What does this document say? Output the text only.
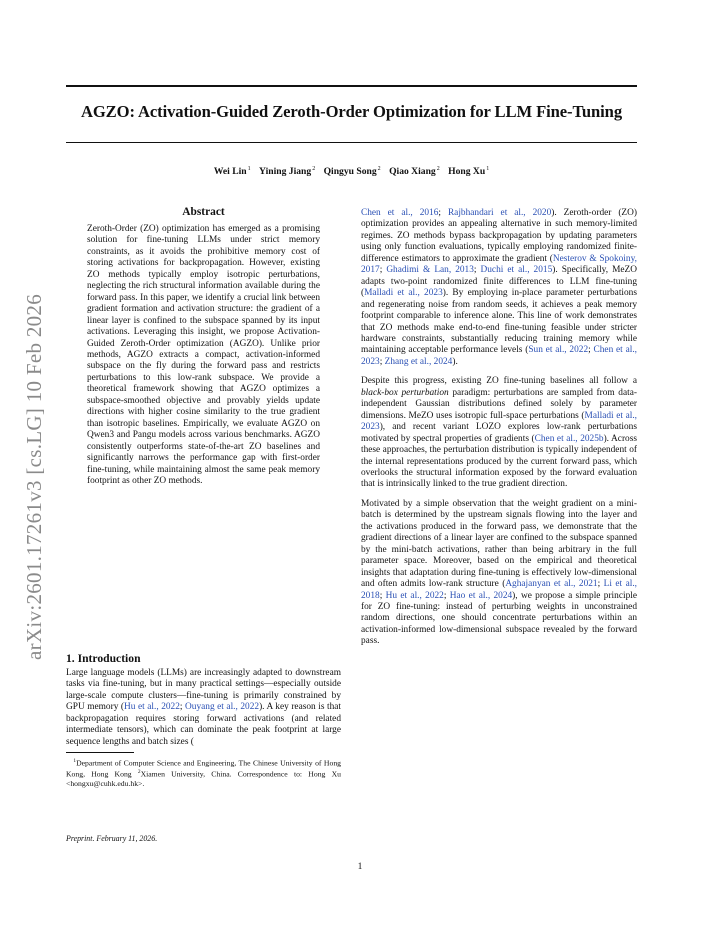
AGZO: Activation-Guided Zeroth-Order Optimization for LLM Fine-Tuning
Wei Lin$^1$ Yining Jiang$^2$ Qingyu Song$^2$ Qiao Xiang$^2$ Hong Xu$^1$
arXiv:2601.17261v3 [cs.LG] 10 Feb 2026
Abstract

Zeroth-Order (ZO) optimization has emerged as a promising solution for fine-tuning LLMs under strict memory constraints, as it avoids the prohibitive memory cost of storing activations for backpropagation. However, existing ZO methods typically employ isotropic perturbations, neglecting the rich structural information available during the forward pass. In this paper, we identify a crucial link between gradient formation and activation structure: the gradient of a linear layer is confined to the subspace spanned by its input activations. Leveraging this insight, we propose Activation-Guided Zeroth-Order optimization (AGZO). Unlike prior methods, AGZO extracts a compact, activation-informed subspace on the fly during the forward pass and restricts perturbations to this low-rank subspace. We provide a theoretical framework showing that AGZO optimizes a subspace-smoothed objective and provably yields update directions with higher cosine similarity to the true gradient than isotropic baselines. Empirically, we evaluate AGZO on Qwen3 and Pangu models across various benchmarks. AGZO consistently outperforms state-of-the-art ZO baselines and significantly narrows the performance gap with first-order fine-tuning, while maintaining almost the same peak memory footprint as other ZO methods.

1. Introduction

Large language models (LLMs) are increasingly adapted to downstream tasks via fine-tuning, but in many practical settings—especially outside large-scale compute clusters—fine-tuning is primarily constrained by GPU memory (Hu et al., 2022; Ouyang et al., 2022). A key reason is that backpropagation requires storing forward activations (and related intermediate tensors), which can dominate the peak footprint at large sequence lengths and batch sizes (

$^1$Department of Computer Science and Engineering, The Chinese University of Hong Kong, Hong Kong $^2$Xiamen University, China. Correspondence to: Hong Xu <hongxu@cuhk.edu.hk>.
Preprint. February 11, 2026.

Chen et al., 2016; Rajbhandari et al., 2020). Zeroth-order (ZO) optimization provides an appealing alternative in such memory-limited regimes. ZO methods bypass backpropagation by updating parameters using only function evaluations, typically employing randomized finite-difference estimators to approximate the gradient (Nesterov & Spokoiny, 2017; Ghadimi & Lan, 2013; Duchi et al., 2015). Specifically, MeZO adapts two-point randomized finite differences to LLM fine-tuning (Malladi et al., 2023). By employing in-place parameter perturbations and regenerating noise from random seeds, it achieves a peak memory footprint comparable to inference alone. This line of work demonstrates that ZO methods make end-to-end fine-tuning feasible under stricter hardware constraints, substantially reducing training memory while maintaining acceptable performance levels (Sun et al., 2022; Chen et al., 2023; Zhang et al., 2024).

Despite this progress, existing ZO fine-tuning baselines all follow a black-box perturbation paradigm: perturbations are sampled from data-independent Gaussian distributions defined solely by parameter dimensions. MeZO uses isotropic full-space perturbations (Malladi et al., 2023), and recent variant LOZO explores low-rank perturbations motivated by spectral properties of gradients (Chen et al., 2025b). Across these approaches, the perturbation distribution is typically independent of the internal representations produced by the current forward pass, which overlooks the structural information exposed by the forward evaluation that is intrinsically linked to the true gradient direction.

Motivated by a simple observation that the weight gradient on a mini-batch is determined by the upstream signals flowing into the layer and the activations produced in the forward pass, we demonstrate that the gradient directions of a linear layer are confined to the subspace spanned by the mini-batch activations, rather than being arbitrary in the full parameter space. Moreover, based on the empirical and theoretical insights that adaptation during fine-tuning is effectively low-dimensional and often admits low-rank structure (Aghajanyan et al., 2021; Li et al., 2018; Hu et al., 2022; Hao et al., 2024), we propose a simple principle for ZO fine-tuning: instead of perturbing weights in unconstrained random directions, one should concentrate perturbations within an activation-informed low-dimensional subspace revealed by the forward pass.

1
